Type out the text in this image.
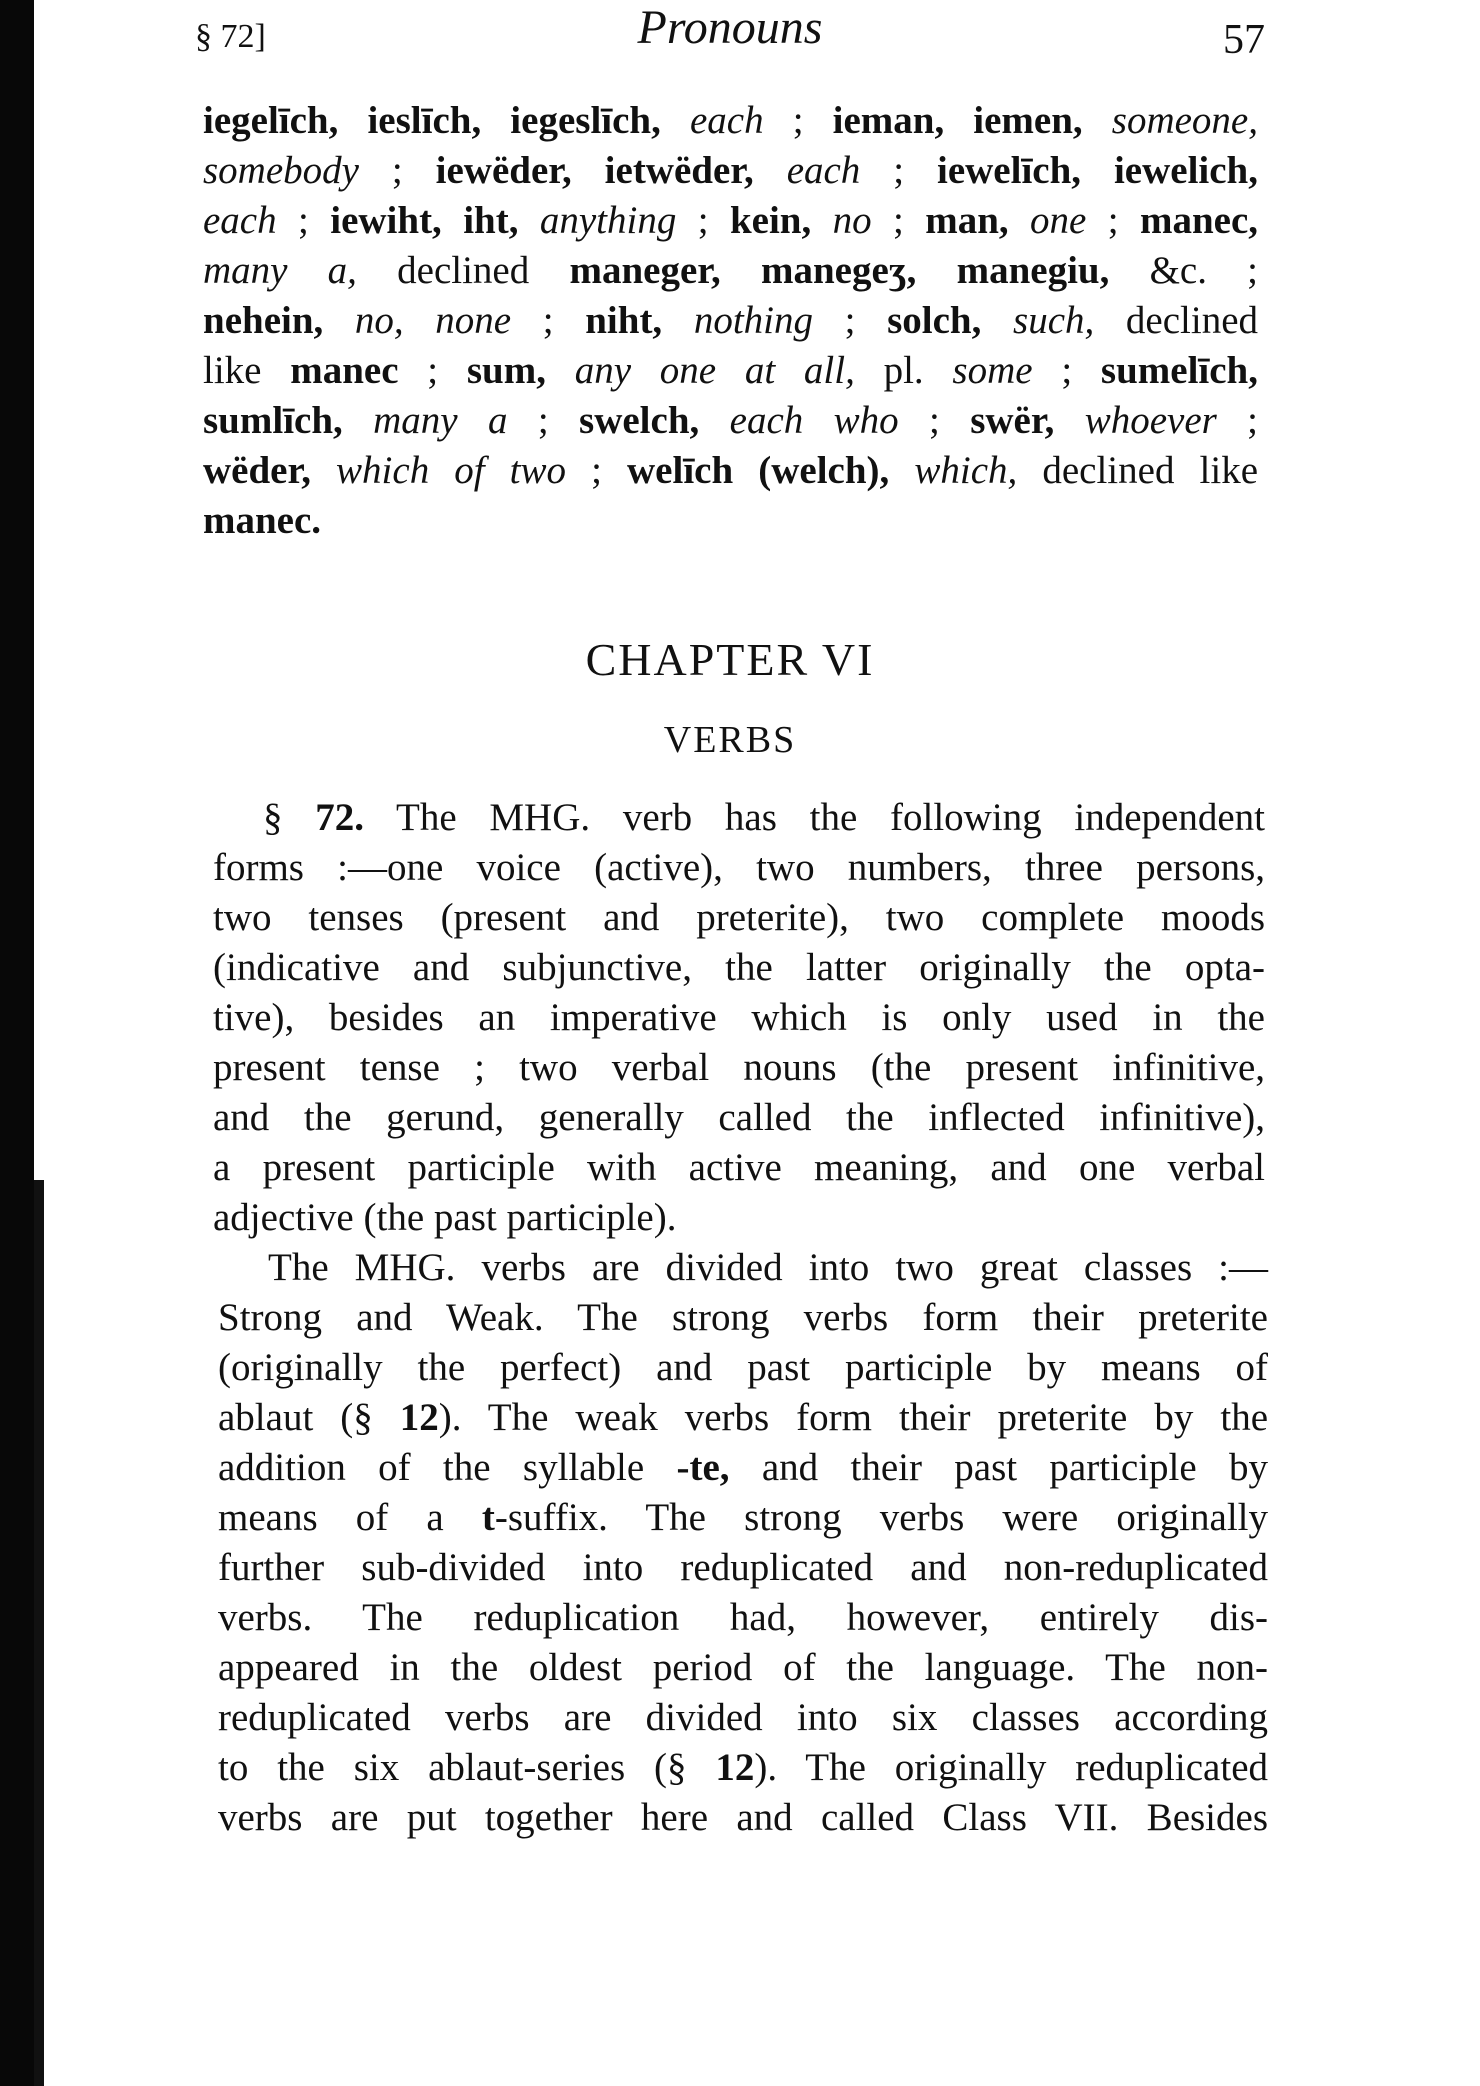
§ 72]	Pronouns	57
iegelīch, ieslīch, iegeslīch, each ; ieman, iemen, someone,
somebody ; iewëder, ietwëder, each ; iewelīch, iewelich,
each ; iewiht, iht, anything ; kein, no ; man, one ; manec,
many a, declined maneger, manegeʒ, manegiu, &c. ;
nehein, no, none ; niht, nothing ; solch, such, declined
like manec ; sum, any one at all, pl. some ; sumelīch,
sumlīch, many a ; swelch, each who ; swër, whoever ;
wëder, which of two ; welīch (welch), which, declined like
manec.
CHAPTER VI
VERBS
§ 72. The MHG. verb has the following independent
forms :—one voice (active), two numbers, three persons,
two tenses (present and preterite), two complete moods
(indicative and subjunctive, the latter originally the opta-
tive), besides an imperative which is only used in the
present tense ; two verbal nouns (the present infinitive,
and the gerund, generally called the inflected infinitive),
a present participle with active meaning, and one verbal
adjective (the past participle).
The MHG. verbs are divided into two great classes :—
Strong and Weak. The strong verbs form their preterite
(originally the perfect) and past participle by means of
ablaut (§ 12). The weak verbs form their preterite by the
addition of the syllable -te, and their past participle by
means of a t-suffix. The strong verbs were originally
further sub-divided into reduplicated and non-reduplicated
verbs. The reduplication had, however, entirely dis-
appeared in the oldest period of the language. The non-
reduplicated verbs are divided into six classes according
to the six ablaut-series (§ 12). The originally reduplicated
verbs are put together here and called Class VII. Besides
